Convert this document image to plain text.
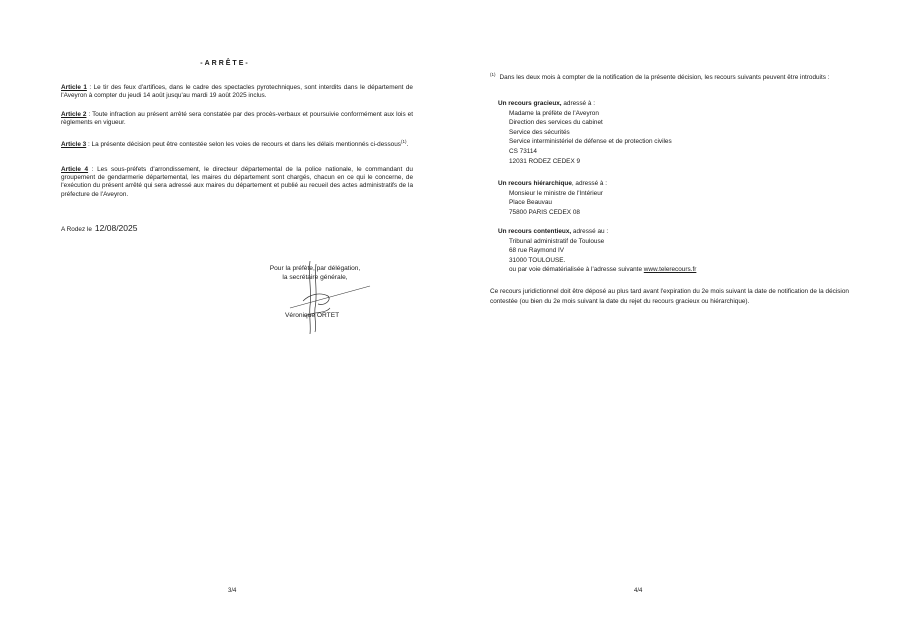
-ARRÊTE-
Article 1 : Le tir des feux d'artifices, dans le cadre des spectacles pyrotechniques, sont interdits dans le département de l'Aveyron à compter du jeudi 14 août jusqu'au mardi 19 août 2025 inclus.
Article 2 : Toute infraction au présent arrêté sera constatée par des procès-verbaux et poursuivie conformément aux lois et règlements en vigueur.
Article 3 : La présente décision peut être contestée selon les voies de recours et dans les délais mentionnés ci-dessous$^{(1)}$.
Article 4 : Les sous-préfets d'arrondissement, le directeur départemental de la police nationale, le commandant du groupement de gendarmerie départemental, les maires du département sont chargés, chacun en ce qui le concerne, de l'exécution du présent arrêté qui sera adressé aux maires du département et publié au recueil des actes administratifs de la préfecture de l'Aveyron.
A Rodez le 12/08/2025
Pour la préfète, par délégation,
la secrétaire générale,
Véronique ORTET
3/4
$^{(1)}$ Dans les deux mois à compter de la notification de la présente décision, les recours suivants peuvent être introduits :
Un recours gracieux, adressé à :
Madame la préfète de l'Aveyron
Direction des services du cabinet
Service des sécurités
Service interministériel de défense et de protection civiles
CS 73114
12031 RODEZ CEDEX 9
Un recours hiérarchique, adressé à :
Monsieur le ministre de l'Intérieur
Place Beauvau
75800 PARIS CEDEX 08
Un recours contentieux, adressé au :
Tribunal administratif de Toulouse
68 rue Raymond IV
31000 TOULOUSE.
ou par voie dématérialisée à l'adresse suivante www.telerecours.fr
Ce recours juridictionnel doit être déposé au plus tard avant l'expiration du 2e mois suivant la date de notification de la décision contestée (ou bien du 2e mois suivant la date du rejet du recours gracieux ou hiérarchique).
4/4
